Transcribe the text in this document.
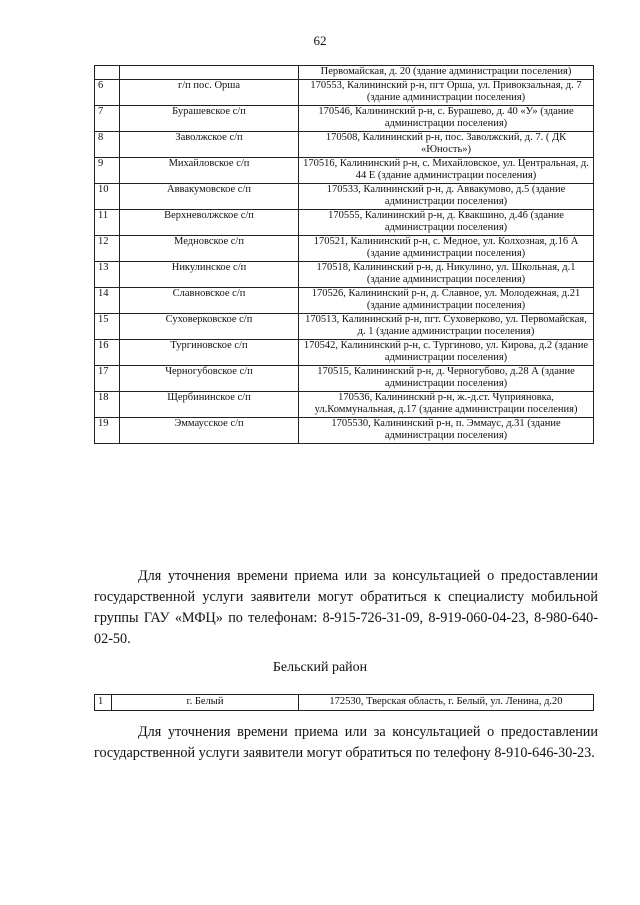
62
		Первомайская, д. 20 (здание администрации поселения)
6	г/п пос. Орша	170553, Калининский р-н, пгт Орша, ул. Привокзальная, д. 7 (здание администрации поселения)
7	Бурашевское с/п	170546, Калининский р-н, с. Бурашево, д. 40 «У» (здание администрации поселения)
8	Заволжское с/п	170508, Калининский р-н, пос. Заволжский, д. 7. ( ДК «Юность»)
9	Михайловское с/п	170516, Калининский р-н, с. Михайловское, ул. Центральная, д. 44 Е (здание администрации поселения)
10	Аввакумовское с/п	170533, Калининский р-н, д. Аввакумово, д.5 (здание администрации поселения)
11	Верхневолжское с/п	170555, Калининский р-н, д. Квакшино, д.46 (здание администрации поселения)
12	Медновское с/п	170521, Калининский р-н, с. Медное, ул. Колхозная, д.16 А (здание администрации поселения)
13	Никулинское с/п	170518, Калининский р-н, д. Никулино, ул. Школьная, д.1 (здание администрации поселения)
14	Славновское с/п	170526, Калининский р-н, д. Славное, ул. Молодежная, д.21 (здание администрации поселения)
15	Суховерковское с/п	170513, Калининский р-н, пгт. Суховерково, ул. Первомайская, д. 1 (здание администрации поселения)
16	Тургиновское с/п	170542, Калининский р-н, с. Тургиново, ул. Кирова, д.2 (здание администрации поселения)
17	Черногубовское с/п	170515, Калининский р-н, д. Черногубово, д.28 А (здание администрации поселения)
18	Щербининское с/п	170536, Калининский р-н, ж.-д.ст. Чуприяновка, ул.Коммунальная, д.17 (здание администрации поселения)
19	Эммаусское с/п	1705530, Калининский р-н, п. Эммаус, д.31 (здание администрации поселения)
Для уточнения времени приема или за консультацией о предоставлении государственной услуги заявители могут обратиться к специалисту мобильной группы ГАУ «МФЦ» по телефонам: 8-915-726-31-09, 8-919-060-04-23, 8-980-640-02-50.
Бельский район
1	г. Белый	172530, Тверская область, г. Белый, ул. Ленина, д.20
Для уточнения времени приема или за консультацией о предоставлении государственной услуги заявители могут обратиться по телефону 8-910-646-30-23.
